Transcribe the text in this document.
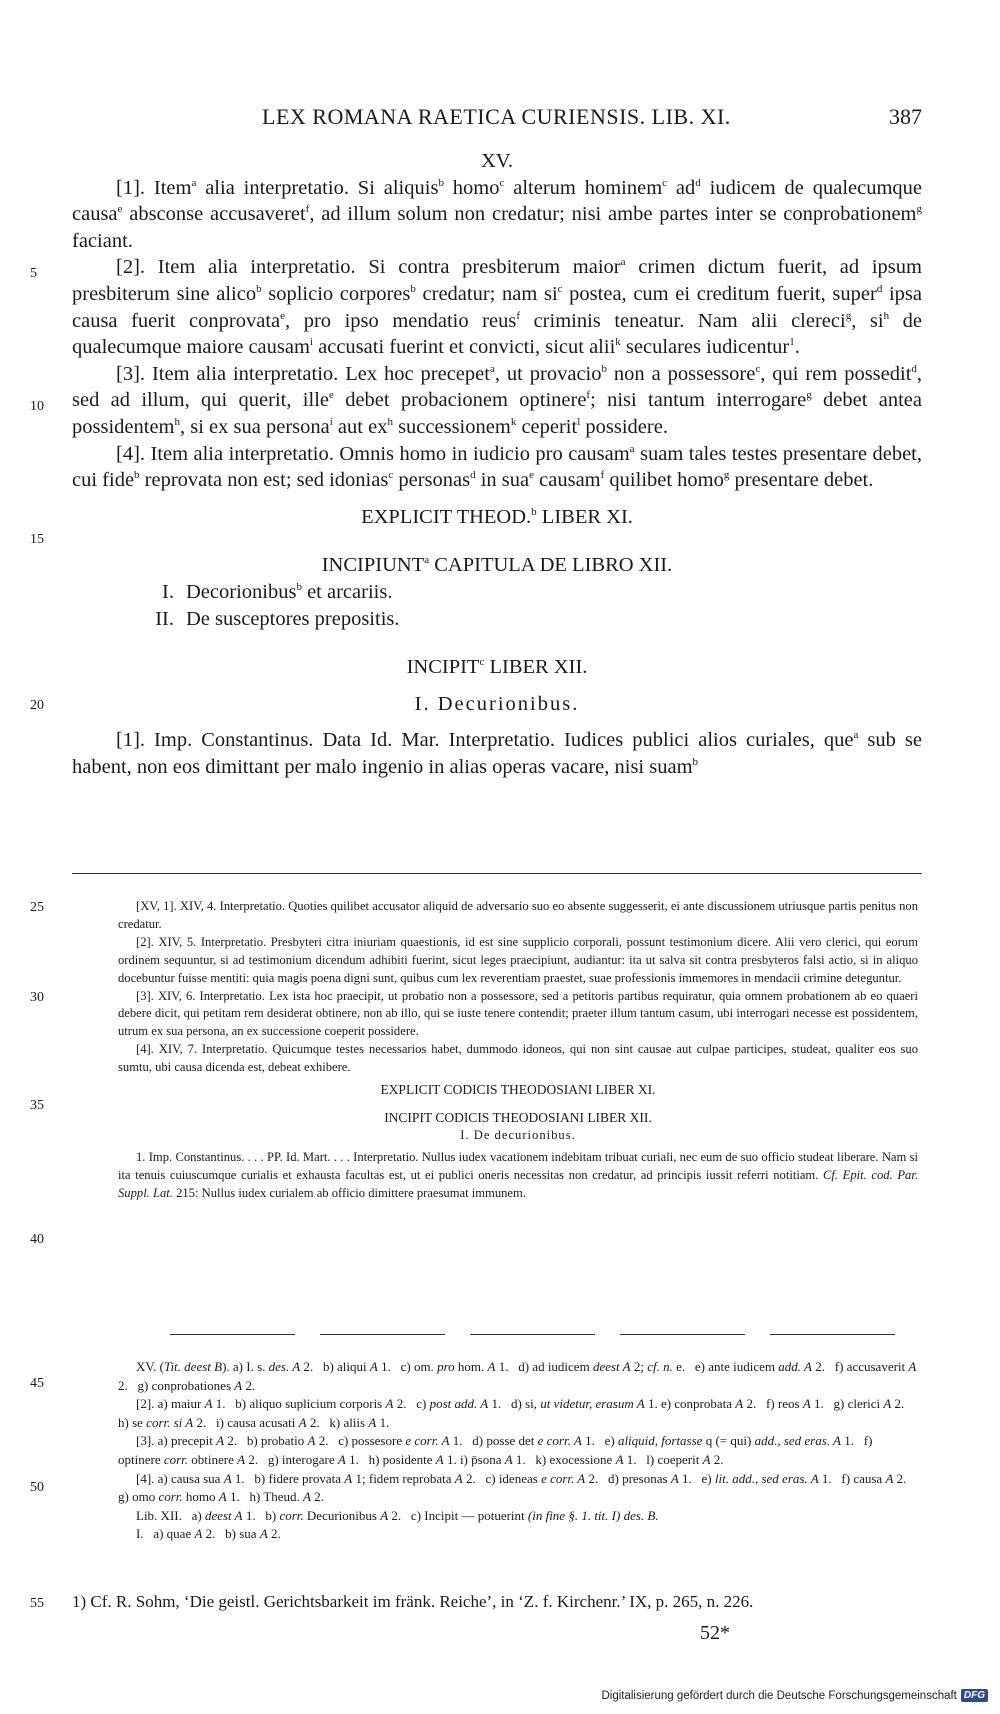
LEX ROMANA RAETICA CURIENSIS. LIB. XI.	387
5
10
15
20
25
30
35
40
45
50
55

XV.

[1]. Item$^a$ alia interpretatio. Si aliquis$^b$ homo$^c$ alterum hominem$^c$ $ad^d$ iudicem de qualecumque causa$^e$ absconse accusaveret$^f$, ad illum solum non credatur; nisi ambe partes inter se conprobationem$^g$ faciant.

[2]. Item alia interpretatio. Si contra presbiterum maior$^a$ crimen dictum fuerit, ad ipsum presbiterum sine alico$^b$ soplicio corpores$^b$ credatur; nam $si^c$ postea, cum ei creditum fuerit, super$^d$ ipsa causa fuerit conprovata$^e$, pro ipso mendatio reus$^f$ criminis teneatur. Nam alii clereci$^g$, $si^h$ de qualecumque maiore causam$^i$ accusati fuerint et convicti, sicut alii$^k$ seculares iudicentur$^1$.

[3]. Item alia interpretatio. Lex hoc precepet$^a$, ut provacio$^b$ non a possessore$^c$, qui rem possedit$^d$, sed ad illum, qui querit, ille$^e$ debet probacionem optinere$^f$; nisi tantum interrogare$^g$ debet antea possidentem$^h$, si ex sua persona$^i$ aut $ex^h$ successionem$^k$ ceperit$^l$ possidere.

[4]. Item alia interpretatio. Omnis homo in iudicio pro causam$^a$ suam tales testes presentare debet, cui fide$^b$ reprovata non est; sed idonias$^c$ personas$^d$ in sua$^e$ causam$^f$ quilibet homo$^g$ presentare debet.

EXPLICIT THEOD.$^b$ LIBER XI.

INCIPIUNT$^a$ CAPITULA DE LIBRO XII.

I. Decorionibus$^b$ et arcariis.
II. De susceptores prepositis.

INCIPIT$^c$ LIBER XII.

I. Decurionibus.

[1]. Imp. Constantinus. Data Id. Mar. Interpretatio. Iudices publici alios curiales, que$^a$ sub se habent, non eos dimittant per malo ingenio in alias operas vacare, nisi suam$^b$

[XV, 1]. XIV, 4. Interpretatio. Quoties quilibet accusator aliquid de adversario suo eo absente suggesserit, ei ante discussionem utriusque partis penitus non credatur.

[2]. XIV, 5. Interpretatio. Presbyteri citra iniuriam quaestionis, id est sine supplicio corporali, possunt testimonium dicere. Alii vero clerici, qui eorum ordinem sequuntur, si ad testimonium dicendum adhibiti fuerint, sicut leges praecipiunt, audiantur: ita ut salva sit contra presbyteros falsi actio, si in aliquo docebuntur fuisse mentiti: quia magis poena digni sunt, quibus cum lex reverentiam praestet, suae professionis immemores in mendacii crimine deteguntur.

[3]. XIV, 6. Interpretatio. Lex ista hoc praecipit, ut probatio non a possessore, sed a petitoris partibus requiratur, quia omnem probationem ab eo quaeri debere dicit, qui petitam rem desiderat obtinere, non ab illo, qui se iuste tenere contendit; praeter illum tantum casum, ubi interrogari necesse est possidentem, utrum ex sua persona, an ex successione coeperit possidere.

[4]. XIV, 7. Interpretatio. Quicumque testes necessarios habet, dummodo idoneos, qui non sint causae aut culpae participes, studeat, qualiter eos suo sumtu, ubi causa dicenda est, debeat exhibere.

EXPLICIT CODICIS THEODOSIANI LIBER XI.

INCIPIT CODICIS THEODOSIANI LIBER XII.

I. De decurionibus.

1. Imp. Constantinus. . . . PP. Id. Mart. . . . Interpretatio. Nullus iudex vacationem indebitam tribuat curiali, nec eum de suo officio studeat liberare. Nam si ita tenuis cuiuscumque curialis et exhausta facultas est, ut ei publici oneris necessitas non credatur, ad principis iussit referri notitiam. Cf. Epit. cod. Par. Suppl. Lat. 215: Nullus iudex curialem ab officio dimittere praesumat immunem.

XV. (Tit. deest B). a) I. s. des. A 2.   b) aliqui A 1.   c) om. pro hom. A 1.   d) ad iudicem deest A 2; cf. n. e.   e) ante iudicem add. A 2.   f) accusaverit A 2.   g) conprobationes A 2.

[2]. a) maiur A 1.   b) aliquo suplicium corporis A 2.   c) post add. A 1.   d) si, ut videtur, erasum A 1. e) conprobata A 2.   f) reos A 1.   g) clerici A 2.   h) se corr. si A 2.   i) causa acusati A 2.   k) aliis A 1.

[3]. a) precepit A 2.   b) probatio A 2.   c) possesore e corr. A 1.   d) posse det e corr. A 1.   e) aliquid, fortasse q (= qui) add., sed eras. A 1.   f) optinere corr. obtinere A 2.   g) interogare A 1.   h) posidente A 1. i) p̄sona A 1.   k) exocessione A 1.   l) coeperit A 2.

[4]. a) causa sua A 1.   b) fidere provata A 1; fidem reprobata A 2.   c) ideneas e corr. A 2.   d) presonas A 1.   e) lit. add., sed eras. A 1.   f) causa A 2.   g) omo corr. homo A 1.   h) Theud. A 2.

Lib. XII.   a) deest A 1.   b) corr. Decurionibus A 2.   c) Incipit — potuerint (in fine §. 1. tit. I) des. B.

I.   a) quae A 2.   b) sua A 2.

1) Cf. R. Sohm, ‘Die geistl. Gerichtsbarkeit im fränk. Reiche’, in ‘Z. f. Kirchenr.’ IX, p. 265, n. 226.
52*
Digitalisierung gefördert durch die Deutsche Forschungsgemeinschaft DFG
